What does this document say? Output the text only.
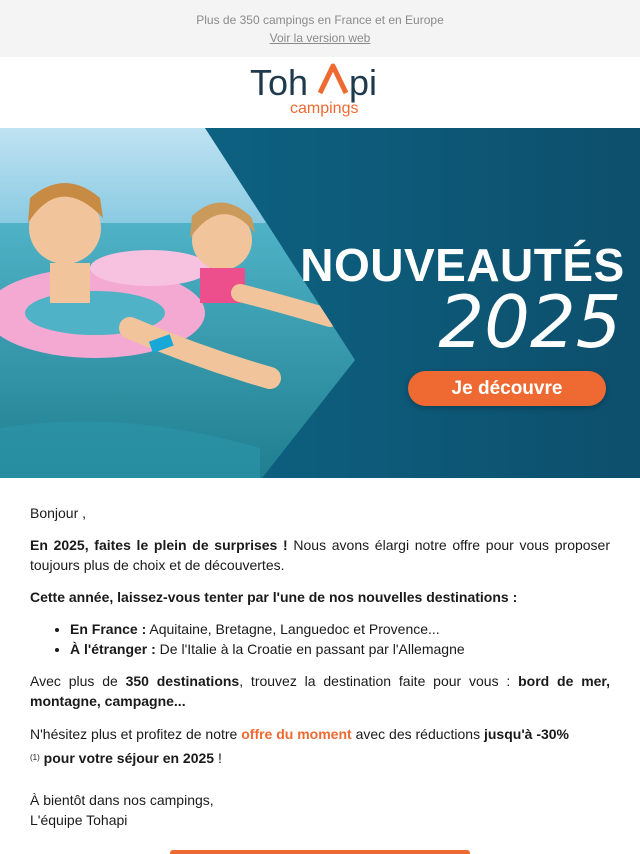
Plus de 350 campings en France et en Europe
Voir la version web
Toh pi
campings
NOUVEAUTÉS
2025
Je découvre

Bonjour ,

En 2025, faites le plein de surprises ! Nous avons élargi notre offre pour vous proposer toujours plus de choix et de découvertes.

Cette année, laissez-vous tenter par l'une de nos nouvelles destinations :

• En France : Aquitaine, Bretagne, Languedoc et Provence...
• À l'étranger : De l'Italie à la Croatie en passant par l'Allemagne

Avec plus de 350 destinations, trouvez la destination faite pour vous : bord de mer, montagne, campagne...

N'hésitez plus et profitez de notre offre du moment avec des réductions jusqu'à -30%
$^{(1)}$ pour votre séjour en 2025 !

À bientôt dans nos campings,
L'équipe Tohapi
